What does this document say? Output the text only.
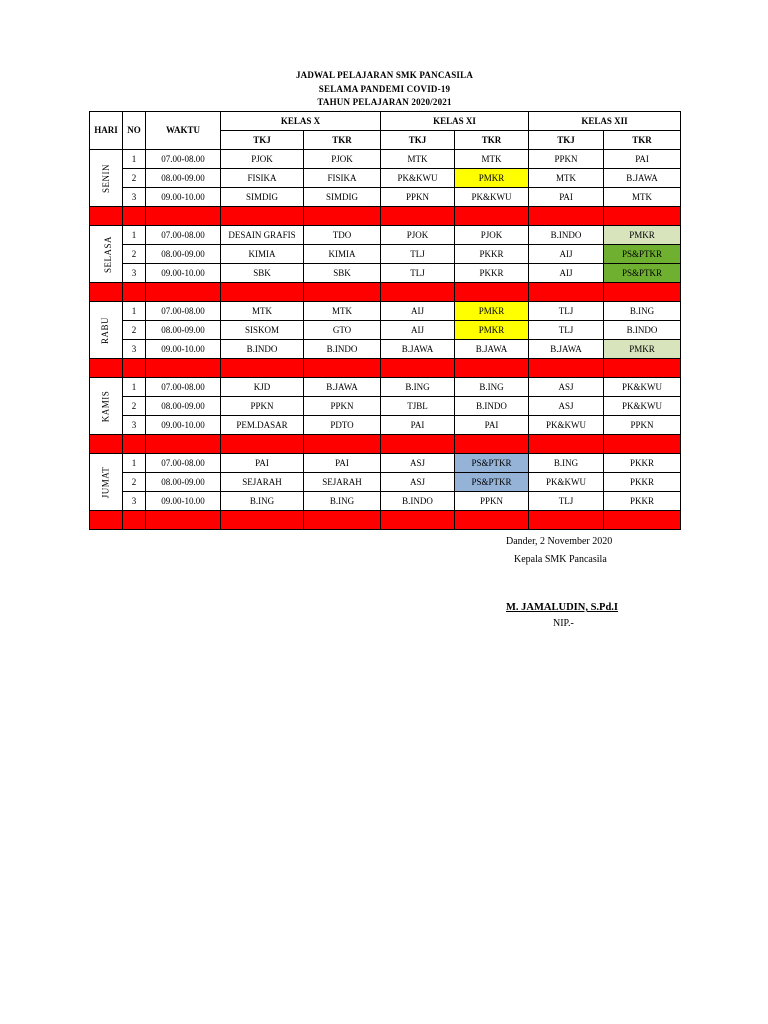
JADWAL PELAJARAN SMK PANCASILA
SELAMA PANDEMI COVID-19
TAHUN PELAJARAN 2020/2021
HARI	NO	WAKTU	KELAS X		KELAS XI		KELAS XII	
			TKJ	TKR	TKJ	TKR	TKJ	TKR
SENIN	1	07.00-08.00	PJOK	PJOK	MTK	MTK	PPKN	PAI
	2	08.00-09.00	FISIKA	FISIKA	PK&KWU	PMKR	MTK	B.JAWA
	3	09.00-10.00	SIMDIG	SIMDIG	PPKN	PK&KWU	PAI	MTK

SELASA	1	07.00-08.00	DESAIN GRAFIS	TDO	PJOK	PJOK	B.INDO	PMKR
	2	08.00-09.00	KIMIA	KIMIA	TLJ	PKKR	AIJ	PS&PTKR
	3	09.00-10.00	SBK	SBK	TLJ	PKKR	AIJ	PS&PTKR

RABU	1	07.00-08.00	MTK	MTK	AIJ	PMKR	TLJ	B.ING
	2	08.00-09.00	SISKOM	GTO	AIJ	PMKR	TLJ	B.INDO
	3	09.00-10.00	B.INDO	B.INDO	B.JAWA	B.JAWA	B.JAWA	PMKR

KAMIS	1	07.00-08.00	KJD	B.JAWA	B.ING	B.ING	ASJ	PK&KWU
	2	08.00-09.00	PPKN	PPKN	TJBL	B.INDO	ASJ	PK&KWU
	3	09.00-10.00	PEM.DASAR	PDTO	PAI	PAI	PK&KWU	PPKN

JUMAT	1	07.00-08.00	PAI	PAI	ASJ	PS&PTKR	B.ING	PKKR
	2	08.00-09.00	SEJARAH	SEJARAH	ASJ	PS&PTKR	PK&KWU	PKKR
	3	09.00-10.00	B.ING	B.ING	B.INDO	PPKN	TLJ	PKKR

Dander, 2 November 2020
Kepala SMK Pancasila
M. JAMALUDIN, S.Pd.I
NIP.-
